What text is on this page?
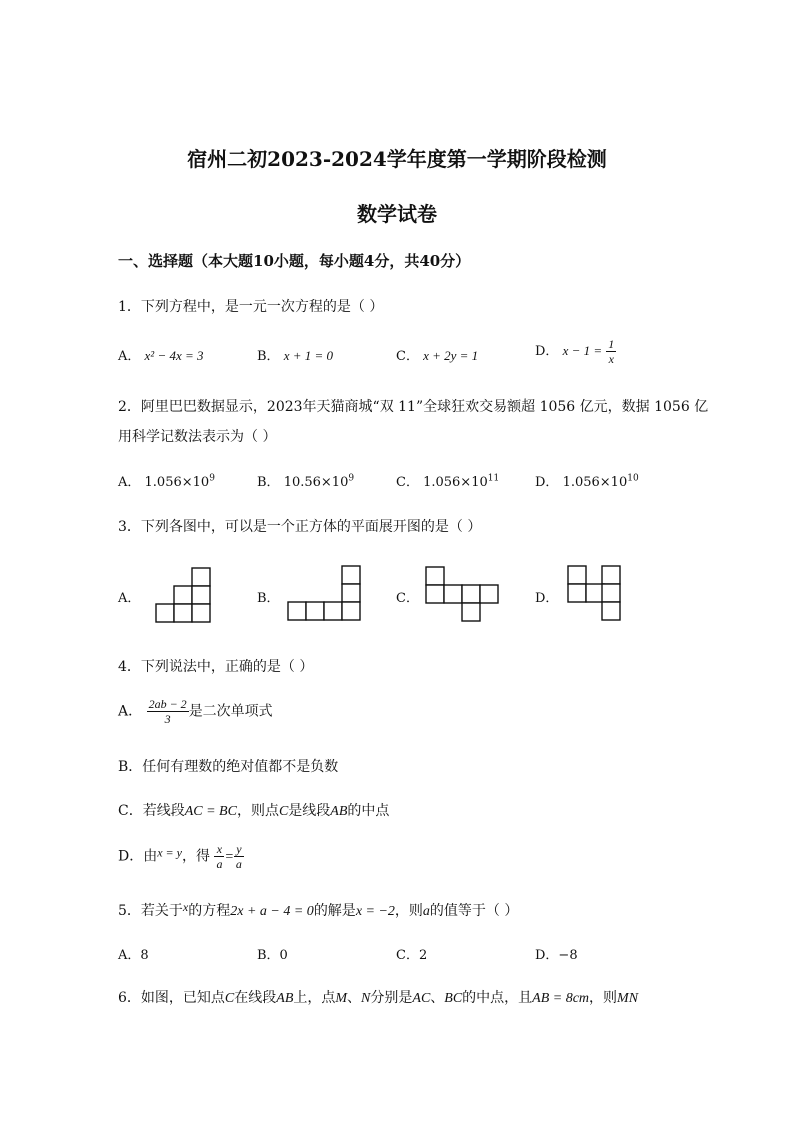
宿州二初2023-2024学年度第一学期阶段检测
数学试卷
一、选择题（本大题10小题，每小题4分，共40分）
1．下列方程中，是一元一次方程的是（ ）
A． x² − 4x = 3	B． x + 1 = 0	C． x + 2y = 1	D． $x - 1 = \frac{1}{x}$
2．阿里巴巴数据显示，2023年天猫商城“双 11”全球狂欢交易额超 1056 亿元，数据 1056 亿
用科学记数法表示为（ ）
A． $1.056\times 10^9$	B． $10.56\times 10^9$	C． $1.056\times 10^{11}$	D． $1.056\times 10^{10}$
3．下列各图中，可以是一个正方体的平面展开图的是（ ）
A．	B．	C．	D．
4．下列说法中，正确的是（ ）
A． $\frac{2ab - 2}{3}$ 是二次单项式
B．任何有理数的绝对值都不是负数
C．若线段AC = BC，则点C是线段AB的中点
D．由x = y，得 $\frac{x}{a} = \frac{y}{a}$
5．若关于x的方程2x + a − 4 = 0的解是x = −2，则a的值等于（ ）
A．8	B．0	C．2	D．−8
6．如图，已知点C在线段AB上，点M、N分别是AC、BC的中点，且AB = 8cm，则MN
